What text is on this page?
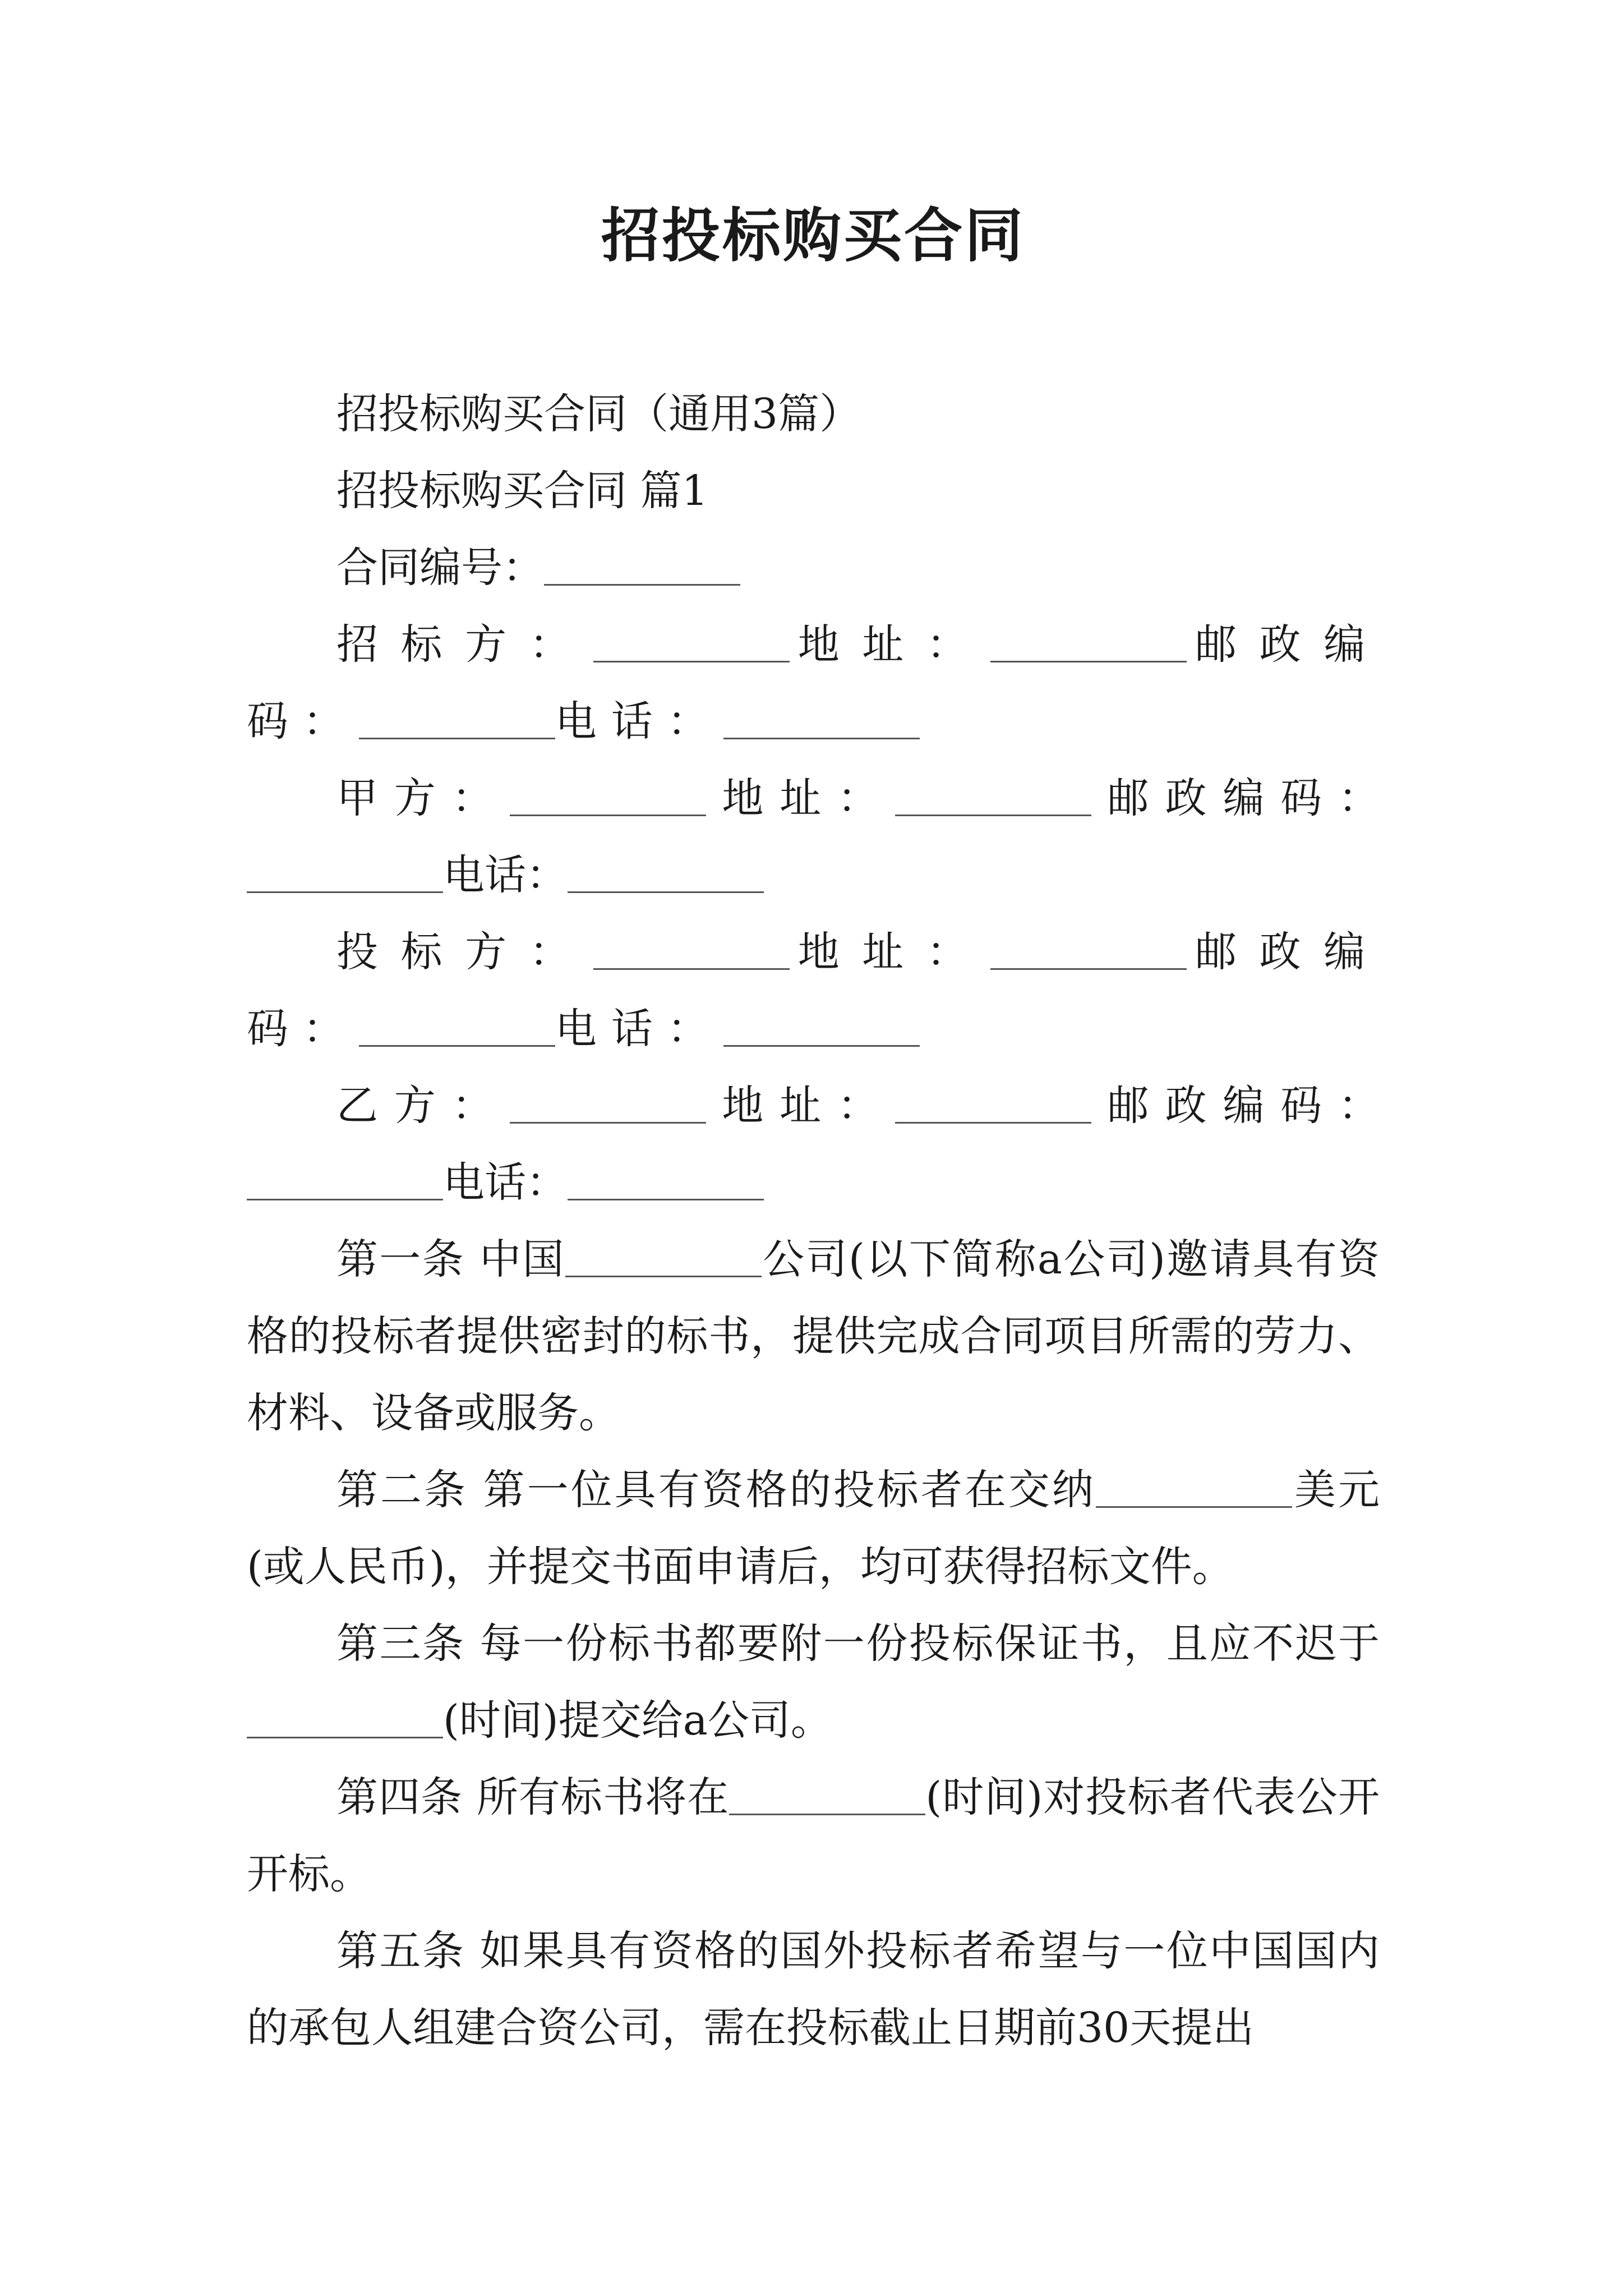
招投标购买合同

招投标购买合同（通用3篇）

招投标购买合同 篇1

合同编号：

招标方：	地址：	邮政编码：	电话：

甲方：	地址：	邮政编码：电话：

投标方：	地址：	邮政编码：	电话：

乙方：	地址：	邮政编码：电话：

第一条 中国	公司(以下简称a公司)邀请具有资格的投标者提供密封的标书，提供完成合同项目所需的劳力、材料、设备或服务。

第二条 第一位具有资格的投标者在交纳	美元(或人民币)，并提交书面申请后，均可获得招标文件。

第三条 每一份标书都要附一份投标保证书，且应不迟于(时间)提交给a公司。

第四条 所有标书将在	(时间)对投标者代表公开开标。

第五条 如果具有资格的国外投标者希望与一位中国国内的承包人组建合资公司，需在投标截止日期前30天提出
